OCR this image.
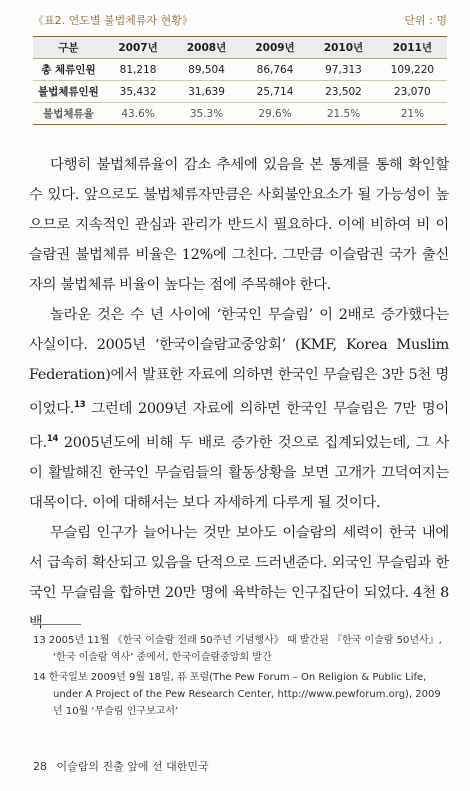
《표2. 연도별 불법체류자 현황》	단위 : 명
구분	2007년	2008년	2009년	2010년	2011년
총 체류인원	81,218	89,504	86,764	97,313	109,220
불법체류인원	35,432	31,639	25,714	23,502	23,070
불법체류율	43.6%	35.3%	29.6%	21.5%	21%

다행히 불법체류율이 감소 추세에 있음을 본 통계를 통해 확인할 수 있다. 앞으로도 불법체류자만큼은 사회불안요소가 될 가능성이 높으므로 지속적인 관심과 관리가 반드시 필요하다. 이에 비하여 비 이슬람권 불법체류 비율은 12%에 그친다. 그만큼 이슬람권 국가 출신자의 불법체류 비율이 높다는 점에 주목해야 한다.

놀라운 것은 수 년 사이에 ‘한국인 무슬림’ 이 2배로 증가했다는 사실이다. 2005년 ‘한국이슬람교중앙회’ (KMF, Korea Muslim Federation)에서 발표한 자료에 의하면 한국인 무슬림은 3만 5천 명이었다.$^{13}$ 그런데 2009년 자료에 의하면 한국인 무슬림은 7만 명이다.$^{14}$ 2005년도에 비해 두 배로 증가한 것으로 집계되었는데, 그 사이 활발해진 한국인 무슬림들의 활동상황을 보면 고개가 끄덕여지는 대목이다. 이에 대해서는 보다 자세하게 다루게 될 것이다.

무슬림 인구가 늘어나는 것만 보아도 이슬람의 세력이 한국 내에서 급속히 확산되고 있음을 단적으로 드러낸준다. 외국인 무슬림과 한국인 무슬림을 합하면 20만 명에 육박하는 인구집단이 되었다. 4천 8백

13 2005년 11월 《한국 이슬람 전래 50주년 기념행사》 때 발간된 『한국 이슬람 50년사』, ‘한국 이슬람 역사’ 중에서, 한국이슬람중앙회 발간

14 한국일보 2009년 9월 18일, 퓨 포럼(The Pew Forum – On Religion & Public Life, under A Project of the Pew Research Center, http://www.pewforum.org), 2009년 10월 ‘무슬림 인구보고서’

28 이슬람의 진출 앞에 선 대한민국
